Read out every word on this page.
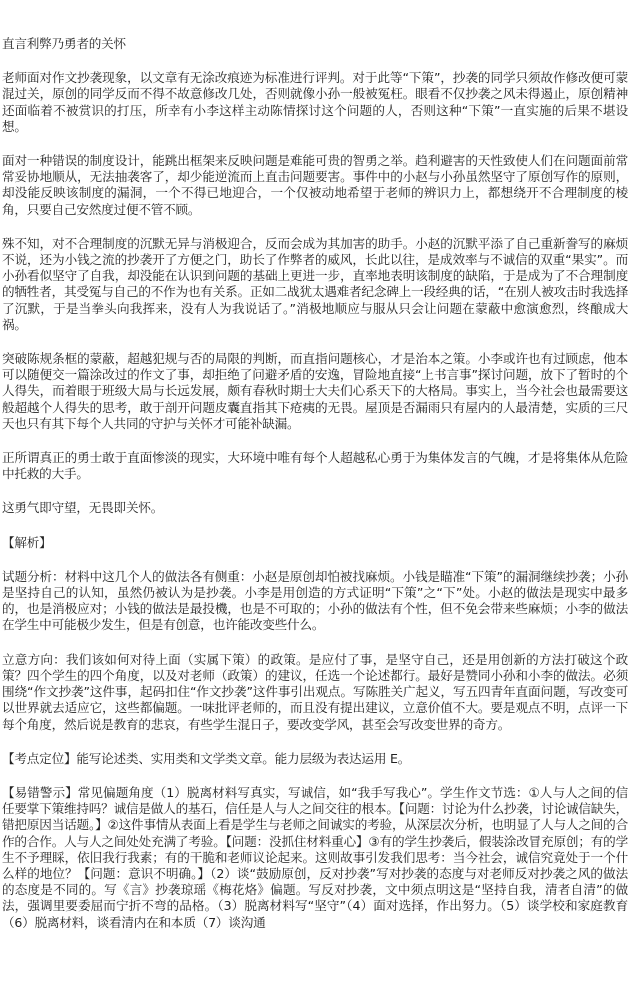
直言利弊乃勇者的关怀

老师面对作文抄袭现象，以文章有无涂改痕迹为标准进行评判。对于此等“下策”，抄袭的同学只须故作修改便可蒙混过关，原创的同学反而不得不故意修改几处，否则就像小孙一般被冤枉。眼看不仅抄袭之风未得遏止，原创精神还面临着不被赏识的打压，所幸有小李这样主动陈情探讨这个问题的人，否则这种“下策”一直实施的后果不堪设想。

面对一种错误的制度设计，能跳出框架来反映问题是难能可贵的智勇之举。趋利避害的天性致使人们在问题面前常常妥协地顺从，无法抽袭客了，却少能逆流而上直击问题要害。事件中的小赵与小孙虽然坚守了原创写作的原则，却没能反映该制度的漏洞，一个不得已地迎合，一个仅被动地希望于老师的辨识力上，都想绕开不合理制度的棱角，只要自己安然度过便不管不顾。

殊不知，对不合理制度的沉默无异与消极迎合，反而会成为其加害的助手。小赵的沉默平添了自己重新誊写的麻烦不说，还为小钱之流的抄袭开了方便之门，助长了作弊者的威风，长此以往，是成效率与不诚信的双重“果实”。而小孙看似坚守了自我，却没能在认识到问题的基础上更进一步，直率地表明该制度的缺陷，于是成为了不合理制度的牺牲者，其受冤与自己的不作为也有关系。正如二战犹太遇难者纪念碑上一段经典的话，“在别人被攻击时我选择了沉默，于是当拳头向我挥来，没有人为我说话了。”消极地顺应与服从只会让问题在蒙蔽中愈演愈烈，终酿成大祸。

突破陈规条框的蒙蔽，超越犯规与否的局限的判断，而直指问题核心，才是治本之策。小李或许也有过顾虑，他本可以随便交一篇涂改过的作文了事，却拒绝了问避矛盾的安逸，冒险地直接“上书言事”探讨问题，放下了暂时的个人得失，而着眼于班级大局与长远发展，颇有春秋时期士大夫们心系天下的大格局。事实上，当今社会也最需要这般超越个人得失的思考，敢于剖开问题皮囊直指其下疮痍的无畏。屋顶是否漏雨只有屋内的人最清楚，实质的三尺天也只有其下每个人共同的守护与关怀才可能补缺漏。

正所谓真正的勇士敢于直面惨淡的现实，大环境中唯有每个人超越私心勇于为集体发言的气魄，才是将集体从危险中托救的大手。

这勇气即守望，无畏即关怀。

【解析】

试题分析：材料中这几个人的做法各有侧重：小赵是原创却怕被找麻烦。小钱是瞄准“下策”的漏洞继续抄袭；小孙是坚持自己的认知，虽然仍被认为是抄袭。小李是用创造的方式证明“下策”之“下”处。小赵的做法是现实中最多的，也是消极应对；小钱的做法是最投機，也是不可取的；小孙的做法有个性，但不免会带来些麻烦；小李的做法在学生中可能极少发生，但是有创意，也许能改变些什么。

立意方向：我们该如何对待上面（实属下策）的政策。是应付了事，是坚守自己，还是用创新的方法打破这个政策？四个学生的四个角度，以及对老师（政策）的建议，任选一个论述都行。最好是赞同小孙和小李的做法。必须围绕“作文抄袭”这件事，起码扣住“作文抄袭”这件事引出观点。写陈胜关广起义，写五四青年直面问题，写改变可以世界就去适应它，这些都偏题。一味批评老师的，而且没有提出建议，立意价值不大。要是观点不明，点评一下每个角度，然后说是教育的悲哀，有些学生混日子，要改变学风，甚至会写改变世界的奇方。

【考点定位】能写论述类、实用类和文学类文章。能力层级为表达运用 E。

【易错警示】常见偏题角度（1）脱离材料写真实，写诚信，如“我手写我心”。学生作文节选：①人与人之间的信任要掌下策维持吗？诚信是做人的基石，信任是人与人之间交往的根本。【问题：讨论为什么抄袭，讨论诚信缺失，错把原因当话题。】②这件事情从表面上看是学生与老师之间诚实的考验，从深层次分析，也明显了人与人之间的合作的合作。人与人之间处处充满了考验。【问题：没抓住材料重心】③有的学生抄袭后，假装涂改冒充原创；有的学生不予理睬，依旧我行我素；有的干脆和老师议论起来。这则故事引发我们思考：当今社会，诚信究竟处于一个什么样的地位？【问题：意识不明确。】（2）谈“鼓励原创，反对抄袭”写对抄袭的态度与对老师反对抄袭之风的做法的态度是不同的。写《言》抄袭琼瑶《梅花烙》偏题。写反对抄袭，文中须点明这是“坚持自我，清者自清”的做法，强调里要委屈而宁折不弯的品格。（3）脱离材料写“坚守”（4）面对选择，作出努力。（5）谈学校和家庭教育（6）脱离材料，谈看清内在和本质（7）谈沟通
